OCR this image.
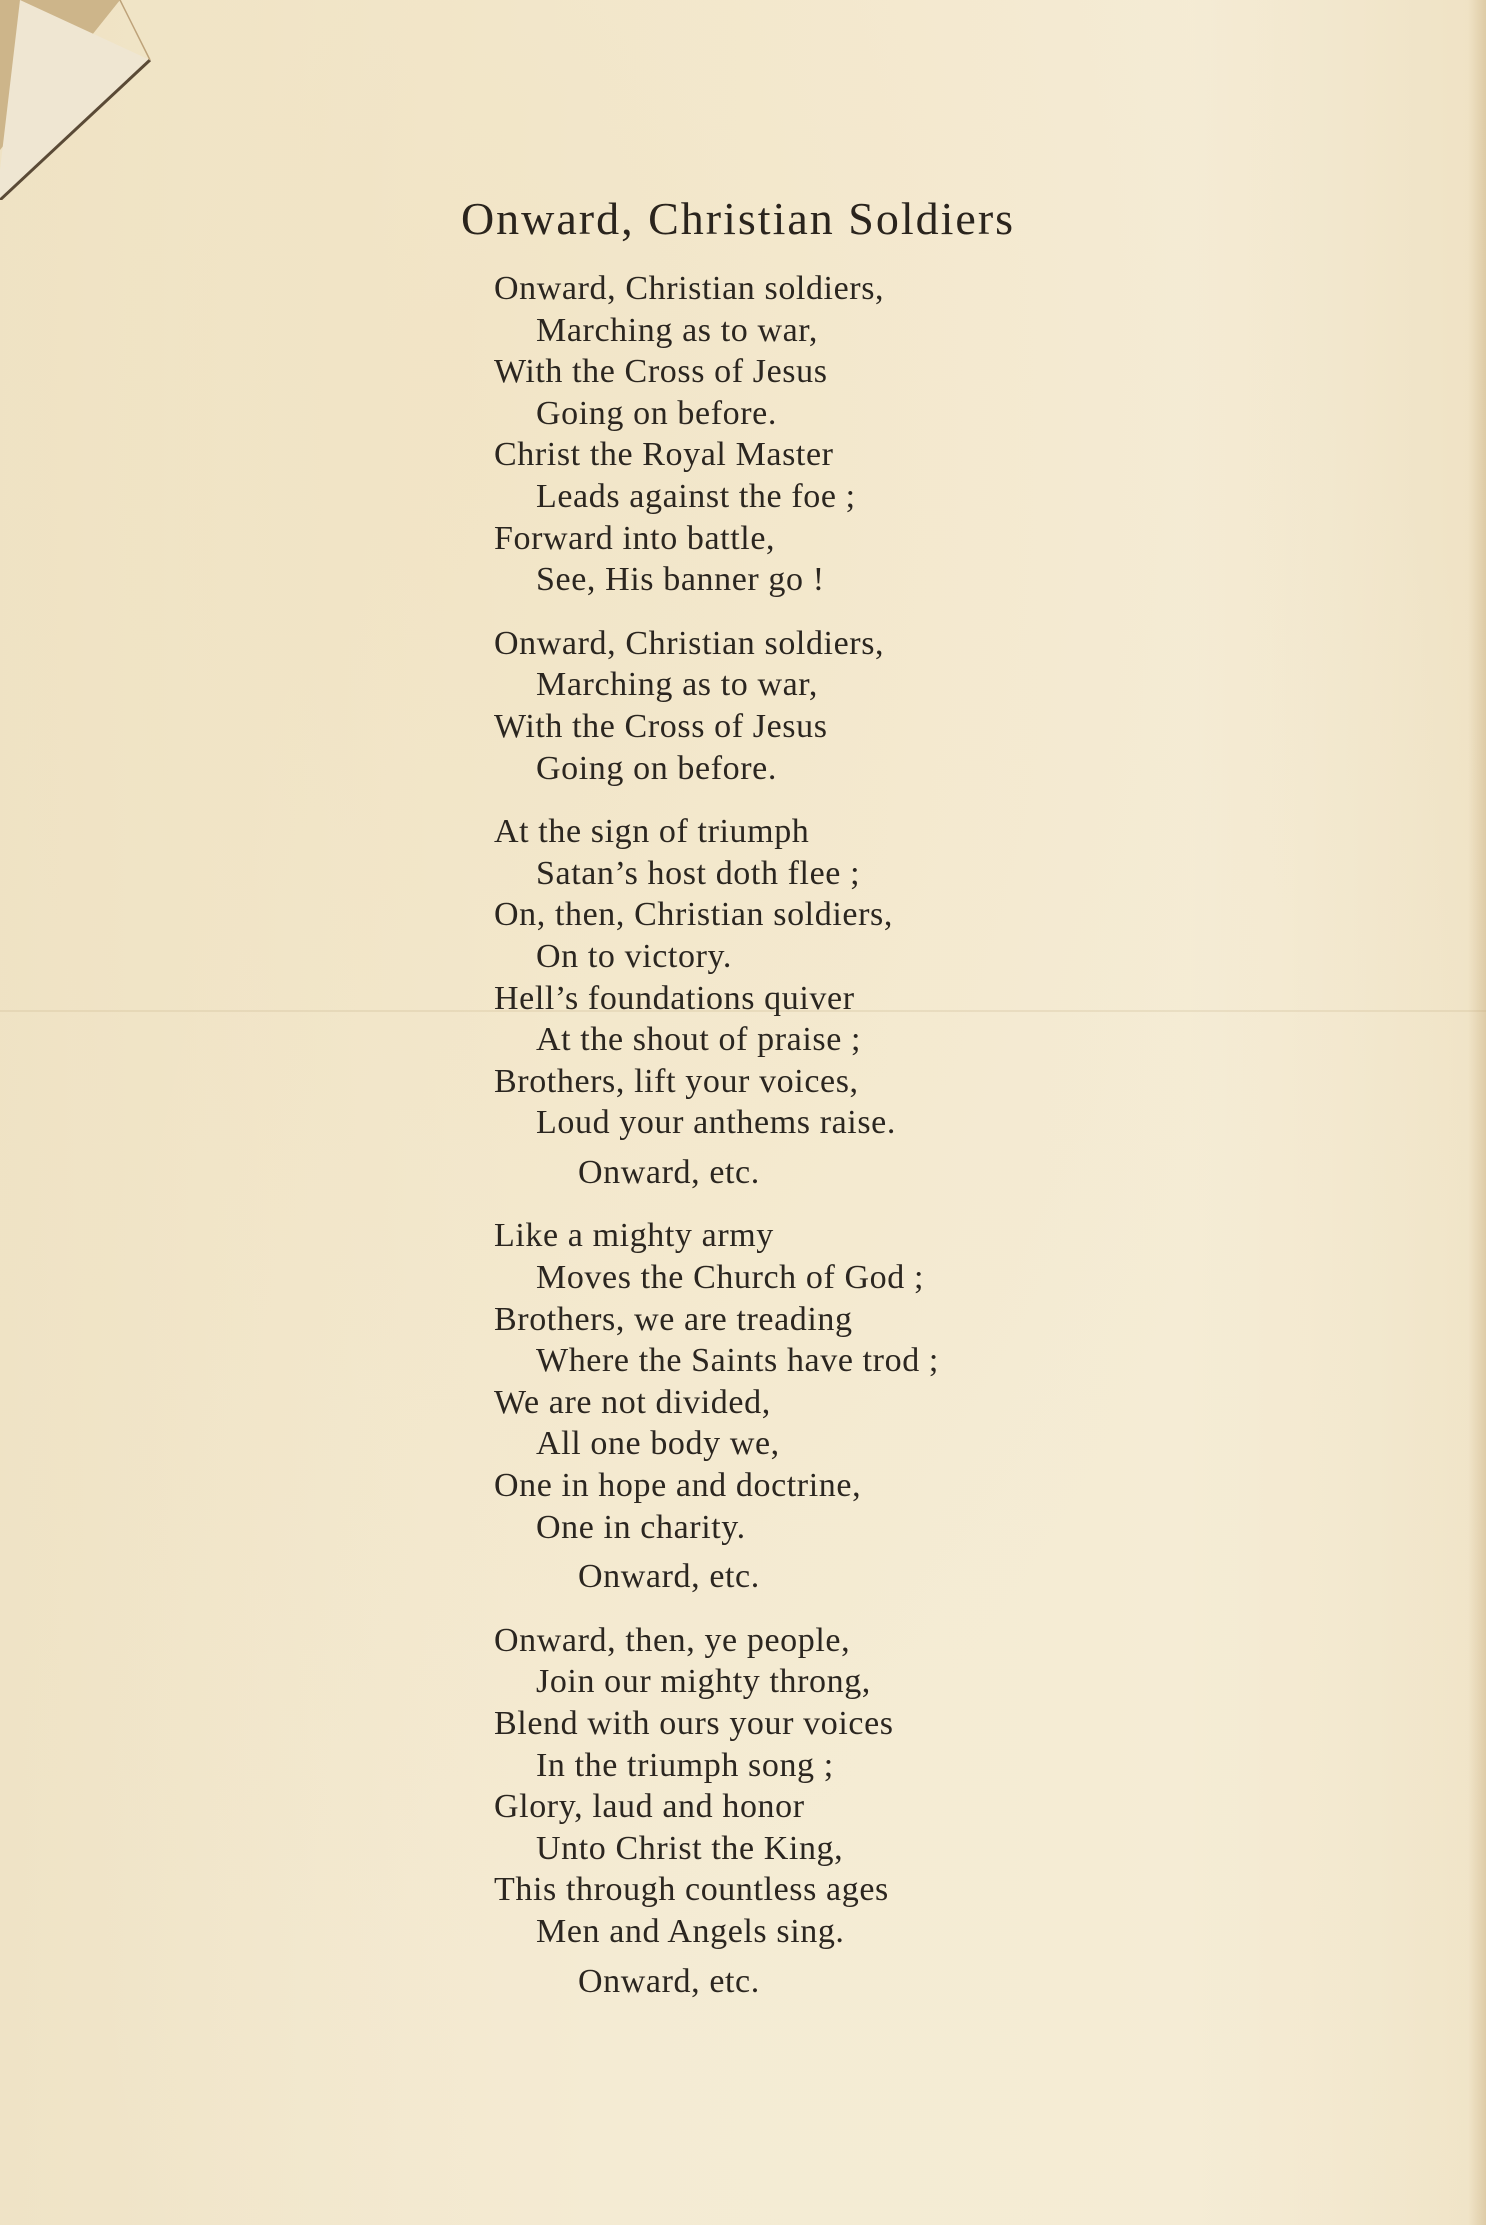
Onward, Christian Soldiers
Onward, Christian soldiers,
Marching as to war,
With the Cross of Jesus
Going on before.
Christ the Royal Master
Leads against the foe ;
Forward into battle,
See, His banner go !
Onward, Christian soldiers,
Marching as to war,
With the Cross of Jesus
Going on before.
At the sign of triumph
Satan’s host doth flee ;
On, then, Christian soldiers,
On to victory.
Hell’s foundations quiver
At the shout of praise ;
Brothers, lift your voices,
Loud your anthems raise.
Onward, etc.
Like a mighty army
Moves the Church of God ;
Brothers, we are treading
Where the Saints have trod ;
We are not divided,
All one body we,
One in hope and doctrine,
One in charity.
Onward, etc.
Onward, then, ye people,
Join our mighty throng,
Blend with ours your voices
In the triumph song ;
Glory, laud and honor
Unto Christ the King,
This through countless ages
Men and Angels sing.
Onward, etc.
